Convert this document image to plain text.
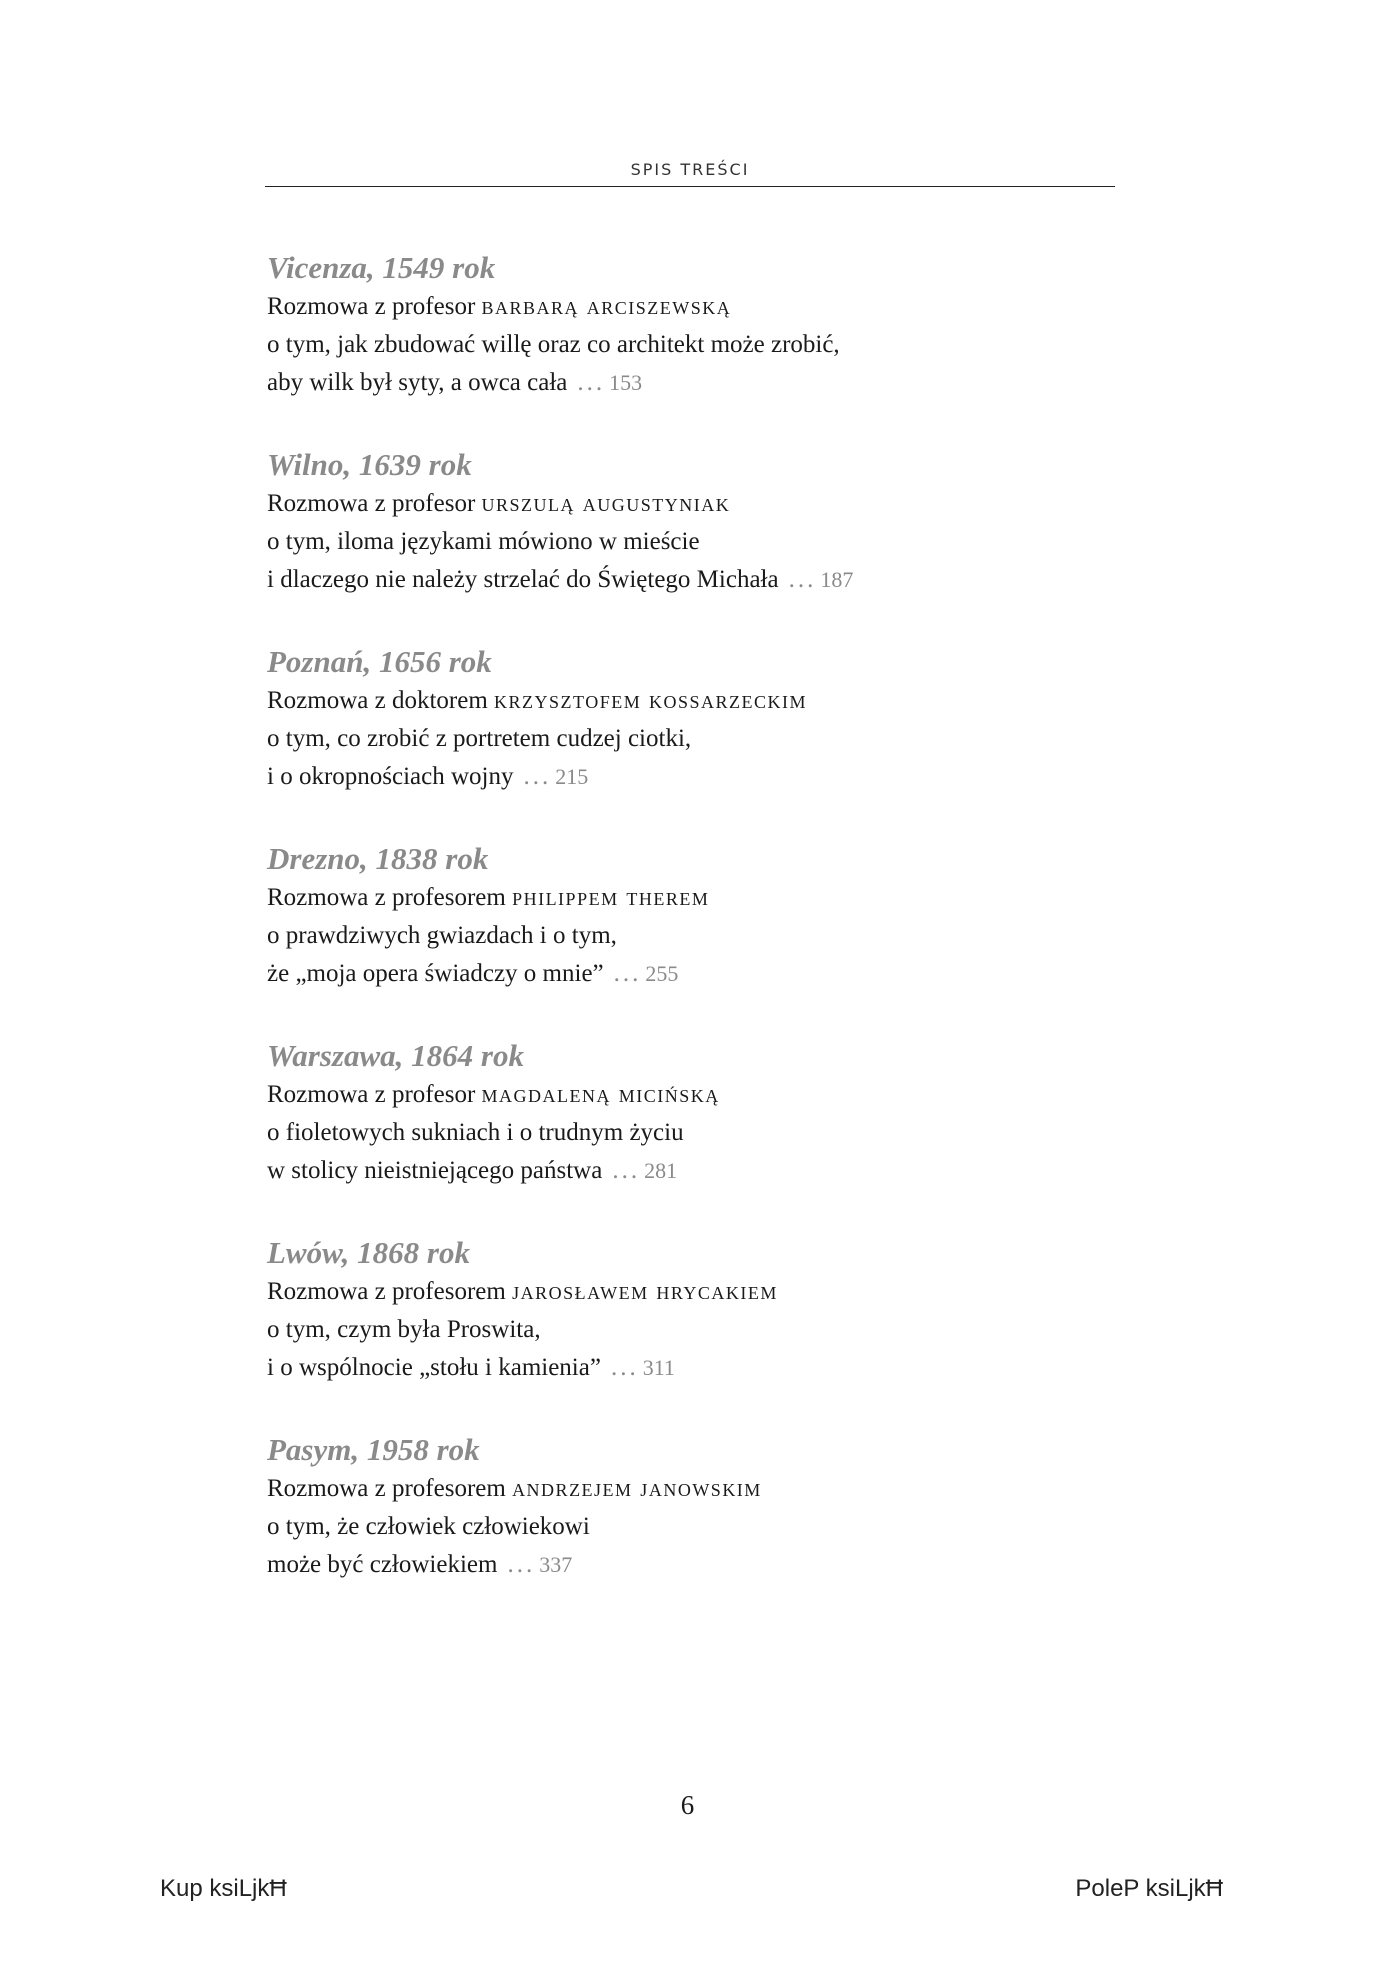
SPIS TREŚCI
Vicenza, 1549 rok
Rozmowa z profesor barbarą arciszewską
o tym, jak zbudować willę oraz co architekt może zrobić,
aby wilk był syty, a owca cała ... 153
Wilno, 1639 rok
Rozmowa z profesor urszulą augustyniak
o tym, iloma językami mówiono w mieście
i dlaczego nie należy strzelać do Świętego Michała ... 187
Poznań, 1656 rok
Rozmowa z doktorem krzysztofem kossarzeckim
o tym, co zrobić z portretem cudzej ciotki,
i o okropnościach wojny ... 215
Drezno, 1838 rok
Rozmowa z profesorem philippem therem
o prawdziwych gwiazdach i o tym,
że „moja opera świadczy o mnie” ... 255
Warszawa, 1864 rok
Rozmowa z profesor magdaleną micińską
o fioletowych sukniach i o trudnym życiu
w stolicy nieistniejącego państwa ... 281
Lwów, 1868 rok
Rozmowa z profesorem jarosławem hrycakiem
o tym, czym była Proswita,
i o wspólnocie „stołu i kamienia” ... 311
Pasym, 1958 rok
Rozmowa z profesorem andrzejem janowskim
o tym, że człowiek człowiekowi
może być człowiekiem ... 337
6
Kup ksiLjkĦ	PoleP ksiLjkĦ
